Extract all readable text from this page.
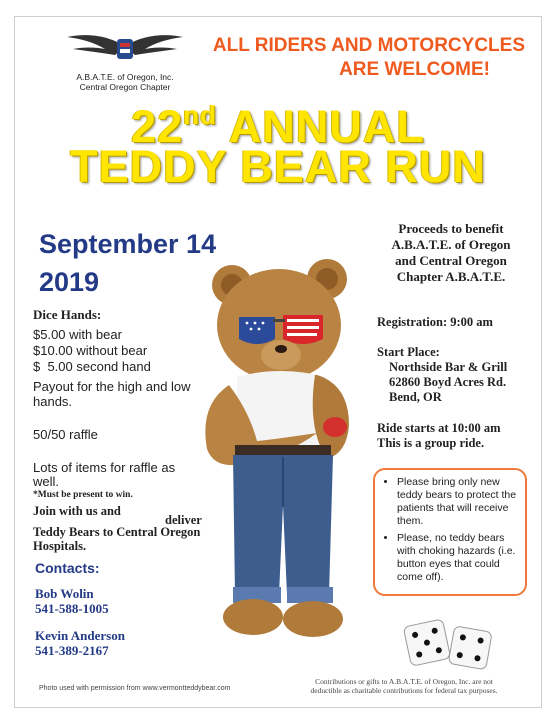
A.B.A.T.E. of Oregon, Inc.
Central Oregon Chapter
ALL RIDERS AND MOTORCYCLES
ARE WELCOME!
22nd ANNUAL
TEDDY BEAR RUN
September 14
2019
Dice Hands:
$5.00 with bear
$10.00 without bear
$  5.00 second hand
Payout for the high and low hands.
50/50 raffle
Lots of items for raffle as well.
*Must be present to win.
Join with us and
deliver
Teddy Bears to Central Oregon Hospitals.
Contacts:
Bob Wolin
541-588-1005
Kevin Anderson
541-389-2167
Proceeds to benefit
A.B.A.T.E. of Oregon
and Central Oregon
Chapter A.B.A.T.E.
Registration: 9:00 am
Start Place:
Northside Bar & Grill
62860 Boyd Acres Rd.
Bend, OR
Ride starts at 10:00 am
This is a group ride.
• Please bring only new teddy bears to protect the patients that will receive them.
• Please, no teddy bears with choking hazards (i.e. button eyes that could come off).
Photo used with permission from www.vermontteddybear.com
Contributions or gifts to A.B.A.T.E. of Oregon, Inc. are not
deductible as charitable contributions for federal tax purposes.
